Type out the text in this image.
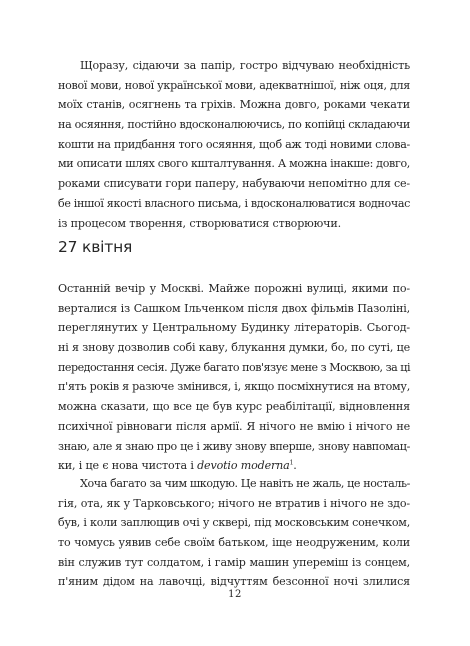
Щоразу, сідаючи за папір, гостро відчуваю необхідність
нової мови, нової української мови, адекватнішої, ніж оця, для
моїх станів, осягнень та гріхів. Можна довго, роками чекати
на осяяння, постійно вдосконалюючись, по копійці складаючи
кошти на придбання того осяяння, щоб аж тоді новими слова-
ми описати шлях свого кшталтування. А можна інакше: довго,
роками списувати гори паперу, набуваючи непомітно для се-
бе іншої якості власного письма, і вдосконалюватися водночас
із процесом творення, створюватися створюючи.
27 квітня
Останній вечір у Москві. Майже порожні вулиці, якими по-
верталися із Сашком Ільченком після двох фільмів Пазоліні,
переглянутих у Центральному Будинку літераторів. Сьогод-
ні я знову дозволив собі каву, блукання думки, бо, по суті, це
передостання сесія. Дуже багато пов'язує мене з Москвою, за ці
п'ять років я разюче змінився, і, якщо посміхнутися на втому,
можна сказати, що все це був курс реабілітації, відновлення
психічної рівноваги після армії. Я нічого не вмію і нічого не
знаю, але я знаю про це і живу знову вперше, знову навпомац-
ки, і це є нова чистота і devotio moderna$^1$.
Хоча багато за чим шкодую. Це навіть не жаль, це носталь-
гія, ота, як у Тарковського; нічого не втратив і нічого не здо-
був, і коли заплющив очі у сквері, під московським сонечком,
то чомусь уявив себе своїм батьком, іще неодруженим, коли
він служив тут солдатом, і гамір машин упереміш із сонцем,
п'яним дідом на лавочці, відчуттям безсонної ночі злилися
12
